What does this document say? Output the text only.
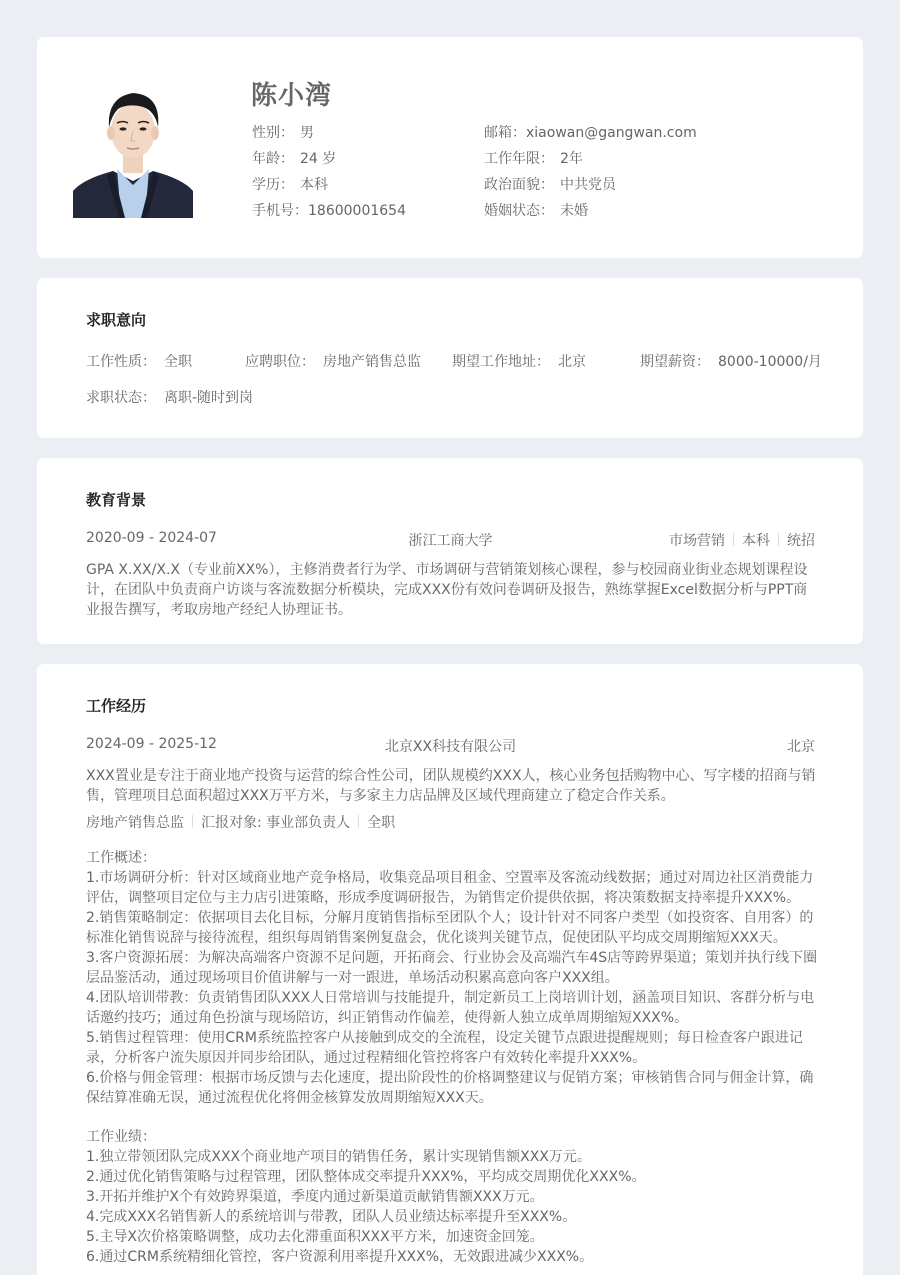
陈小湾
性别： 男
年龄： 24 岁
学历： 本科
手机号：18600001654
邮箱：xiaowan@gangwan.com
工作年限： 2年
政治面貌： 中共党员
婚姻状态： 未婚
求职意向
工作性质： 全职	应聘职位： 房地产销售总监 期望工作地址： 北京	期望薪资： 8000-10000/月
求职状态： 离职-随时到岗
教育背景
2020-09 - 2024-07	浙江工商大学	市场营销 本科 统招
GPA X.XX/X.X（专业前XX%），主修消费者行为学、市场调研与营销策划核心课程，参与校园商业街业态规划课程设计，在团队中负责商户访谈与客流数据分析模块，完成XXX份有效问卷调研及报告，熟练掌握Excel数据分析与PPT商业报告撰写，考取房地产经纪人协理证书。
工作经历
2024-09 - 2025-12	北京XX科技有限公司	北京
XXX置业是专注于商业地产投资与运营的综合性公司，团队规模约XXX人，核心业务包括购物中心、写字楼的招商与销售，管理项目总面积超过XXX万平方米，与多家主力店品牌及区域代理商建立了稳定合作关系。
房地产销售总监 汇报对象: 事业部负责人 全职
工作概述：
1.市场调研分析：针对区域商业地产竞争格局，收集竞品项目租金、空置率及客流动线数据；通过对周边社区消费能力评估，调整项目定位与主力店引进策略，形成季度调研报告，为销售定价提供依据，将决策数据支持率提升XXX%。
2.销售策略制定：依据项目去化目标，分解月度销售指标至团队个人；设计针对不同客户类型（如投资客、自用客）的标准化销售说辞与接待流程，组织每周销售案例复盘会，优化谈判关键节点，促使团队平均成交周期缩短XXX天。
3.客户资源拓展：为解决高端客户资源不足问题，开拓商会、行业协会及高端汽车4S店等跨界渠道；策划并执行线下圈层品鉴活动，通过现场项目价值讲解与一对一跟进，单场活动积累高意向客户XXX组。
4.团队培训带教：负责销售团队XXX人日常培训与技能提升，制定新员工上岗培训计划，涵盖项目知识、客群分析与电话邀约技巧；通过角色扮演与现场陪访，纠正销售动作偏差，使得新人独立成单周期缩短XXX%。
5.销售过程管理：使用CRM系统监控客户从接触到成交的全流程，设定关键节点跟进提醒规则；每日检查客户跟进记录，分析客户流失原因并同步给团队，通过过程精细化管控将客户有效转化率提升XXX%。
6.价格与佣金管理：根据市场反馈与去化速度，提出阶段性的价格调整建议与促销方案；审核销售合同与佣金计算，确保结算准确无误，通过流程优化将佣金核算发放周期缩短XXX天。
工作业绩：
1.独立带领团队完成XXX个商业地产项目的销售任务，累计实现销售额XXX万元。
2.通过优化销售策略与过程管理，团队整体成交率提升XXX%，平均成交周期优化XXX%。
3.开拓并维护X个有效跨界渠道，季度内通过新渠道贡献销售额XXX万元。
4.完成XXX名销售新人的系统培训与带教，团队人员业绩达标率提升至XXX%。
5.主导X次价格策略调整，成功去化滞重面积XXX平方米，加速资金回笼。
6.通过CRM系统精细化管控，客户资源利用率提升XXX%，无效跟进减少XXX%。
